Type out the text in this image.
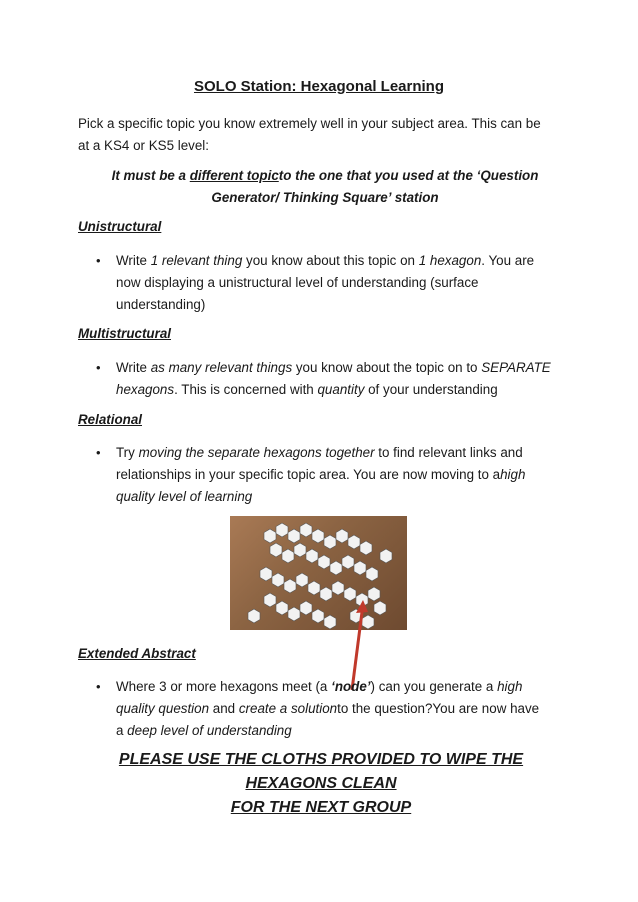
SOLO Station: Hexagonal Learning
Pick a specific topic you know extremely well in your subject area. This can be
at a KS4 or KS5 level:
It must be a different topicto the one that you used at the ‘Question
Generator/ Thinking Square’ station
Unistructural
•	Write 1 relevant thing you know about this topic on 1 hexagon. You are
now displaying a unistructural level of understanding (surface
understanding)
Multistructural
•	Write as many relevant things you know about the topic on to SEPARATE
hexagons. This is concerned with quantity of your understanding
Relational
•	Try moving the separate hexagons together to find relevant links and
relationships in your specific topic area. You are now moving to ahigh
quality level of learning
Extended Abstract
•	Where 3 or more hexagons meet (a ‘node’) can you generate a high
quality question and create a solutionto the question?You are now have
a deep level of understanding
PLEASE USE THE CLOTHS PROVIDED TO WIPE THE HEXAGONS CLEAN
FOR THE NEXT GROUP
